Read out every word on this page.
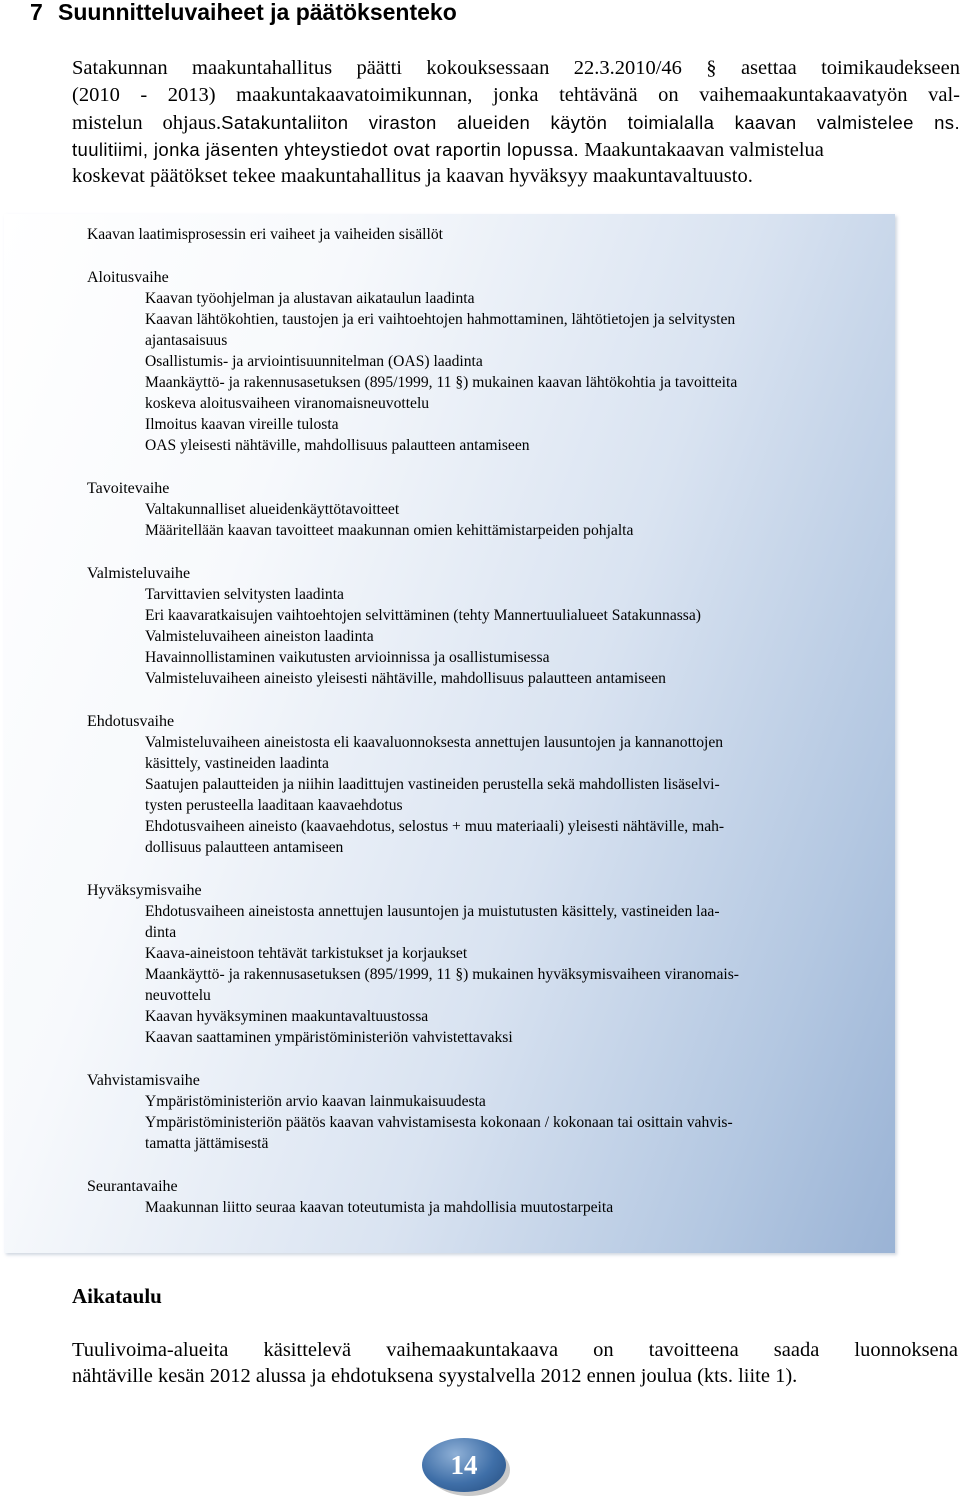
7 Suunnitteluvaiheet ja päätöksenteko
Satakunnan maakuntahallitus päätti kokouksessaan 22.3.2010/46 § asettaa toimikaudekseen
(2010 - 2013) maakuntakaavatoimikunnan, jonka tehtävänä on vaihemaakuntakaavatyön val-
mistelun ohjaus.Satakuntaliiton viraston alueiden käytön toimialalla kaavan valmistelee ns.
tuulitiimi, jonka jäsenten yhteystiedot ovat raportin lopussa. Maakuntakaavan valmistelua
koskevat päätökset tekee maakuntahallitus ja kaavan hyväksyy maakuntavaltuusto.
Kaavan laatimisprosessin eri vaiheet ja vaiheiden sisällöt
Aloitusvaihe
Kaavan työohjelman ja alustavan aikataulun laadinta
Kaavan lähtökohtien, taustojen ja eri vaihtoehtojen hahmottaminen, lähtötietojen ja selvitysten
ajantasaisuus
Osallistumis- ja arviointisuunnitelman (OAS) laadinta
Maankäyttö- ja rakennusasetuksen (895/1999, 11 §) mukainen kaavan lähtökohtia ja tavoitteita
koskeva aloitusvaiheen viranomaisneuvottelu
Ilmoitus kaavan vireille tulosta
OAS yleisesti nähtäville, mahdollisuus palautteen antamiseen
Tavoitevaihe
Valtakunnalliset alueidenkäyttötavoitteet
Määritellään kaavan tavoitteet maakunnan omien kehittämistarpeiden pohjalta
Valmisteluvaihe
Tarvittavien selvitysten laadinta
Eri kaavaratkaisujen vaihtoehtojen selvittäminen (tehty Mannertuulialueet Satakunnassa)
Valmisteluvaiheen aineiston laadinta
Havainnollistaminen vaikutusten arvioinnissa ja osallistumisessa
Valmisteluvaiheen aineisto yleisesti nähtäville, mahdollisuus palautteen antamiseen
Ehdotusvaihe
Valmisteluvaiheen aineistosta eli kaavaluonnoksesta annettujen lausuntojen ja kannanottojen
käsittely, vastineiden laadinta
Saatujen palautteiden ja niihin laadittujen vastineiden perustella sekä mahdollisten lisäselvi-
tysten perusteella laaditaan kaavaehdotus
Ehdotusvaiheen aineisto (kaavaehdotus, selostus + muu materiaali) yleisesti nähtäville, mah-
dollisuus palautteen antamiseen
Hyväksymisvaihe
Ehdotusvaiheen aineistosta annettujen lausuntojen ja muistutusten käsittely, vastineiden laa-
dinta
Kaava-aineistoon tehtävät tarkistukset ja korjaukset
Maankäyttö- ja rakennusasetuksen (895/1999, 11 §) mukainen hyväksymisvaiheen viranomais-
neuvottelu
Kaavan hyväksyminen maakuntavaltuustossa
Kaavan saattaminen ympäristöministeriön vahvistettavaksi
Vahvistamisvaihe
Ympäristöministeriön arvio kaavan lainmukaisuudesta
Ympäristöministeriön päätös kaavan vahvistamisesta kokonaan / kokonaan tai osittain vahvis-
tamatta jättämisestä
Seurantavaihe
Maakunnan liitto seuraa kaavan toteutumista ja mahdollisia muutostarpeita
Aikataulu
Tuulivoima-alueita käsittelevä vaihemaakuntakaava on tavoitteena saada luonnoksena
nähtäville kesän 2012 alussa ja ehdotuksena syystalvella 2012 ennen joulua (kts. liite 1).
14
